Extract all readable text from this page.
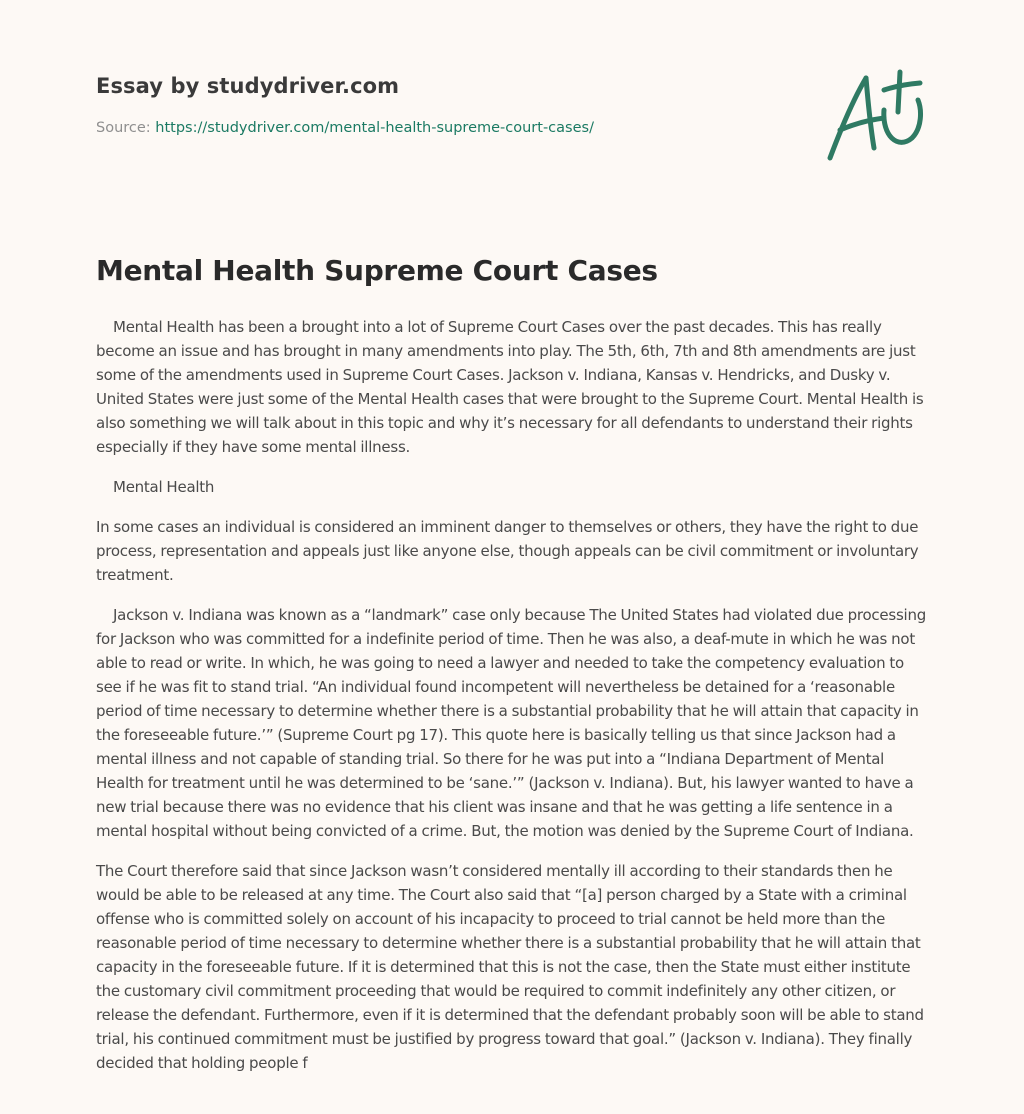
Essay by studydriver.com
Source: https://studydriver.com/mental-health-supreme-court-cases/
Mental Health Supreme Court Cases

Mental Health has been a brought into a lot of Supreme Court Cases over the past decades. This has really become an issue and has brought in many amendments into play. The 5th, 6th, 7th and 8th amendments are just some of the amendments used in Supreme Court Cases. Jackson v. Indiana, Kansas v. Hendricks, and Dusky v. United States were just some of the Mental Health cases that were brought to the Supreme Court. Mental Health is also something we will talk about in this topic and why it’s necessary for all defendants to understand their rights especially if they have some mental illness.

Mental Health

In some cases an individual is considered an imminent danger to themselves or others, they have the right to due process, representation and appeals just like anyone else, though appeals can be civil commitment or involuntary treatment.

Jackson v. Indiana was known as a “landmark” case only because The United States had violated due processing for Jackson who was committed for a indefinite period of time. Then he was also, a deaf-mute in which he was not able to read or write. In which, he was going to need a lawyer and needed to take the competency evaluation to see if he was fit to stand trial. “An individual found incompetent will nevertheless be detained for a ‘reasonable period of time necessary to determine whether there is a substantial probability that he will attain that capacity in the foreseeable future.’” (Supreme Court pg 17). This quote here is basically telling us that since Jackson had a mental illness and not capable of standing trial. So there for he was put into a “Indiana Department of Mental Health for treatment until he was determined to be ‘sane.’” (Jackson v. Indiana). But, his lawyer wanted to have a new trial because there was no evidence that his client was insane and that he was getting a life sentence in a mental hospital without being convicted of a crime. But, the motion was denied by the Supreme Court of Indiana.

The Court therefore said that since Jackson wasn’t considered mentally ill according to their standards then he would be able to be released at any time. The Court also said that “[a] person charged by a State with a criminal offense who is committed solely on account of his incapacity to proceed to trial cannot be held more than the reasonable period of time necessary to determine whether there is a substantial probability that he will attain that capacity in the foreseeable future. If it is determined that this is not the case, then the State must either institute the customary civil commitment proceeding that would be required to commit indefinitely any other citizen, or release the defendant. Furthermore, even if it is determined that the defendant probably soon will be able to stand trial, his continued commitment must be justified by progress toward that goal.” (Jackson v. Indiana). They finally decided that holding people f
